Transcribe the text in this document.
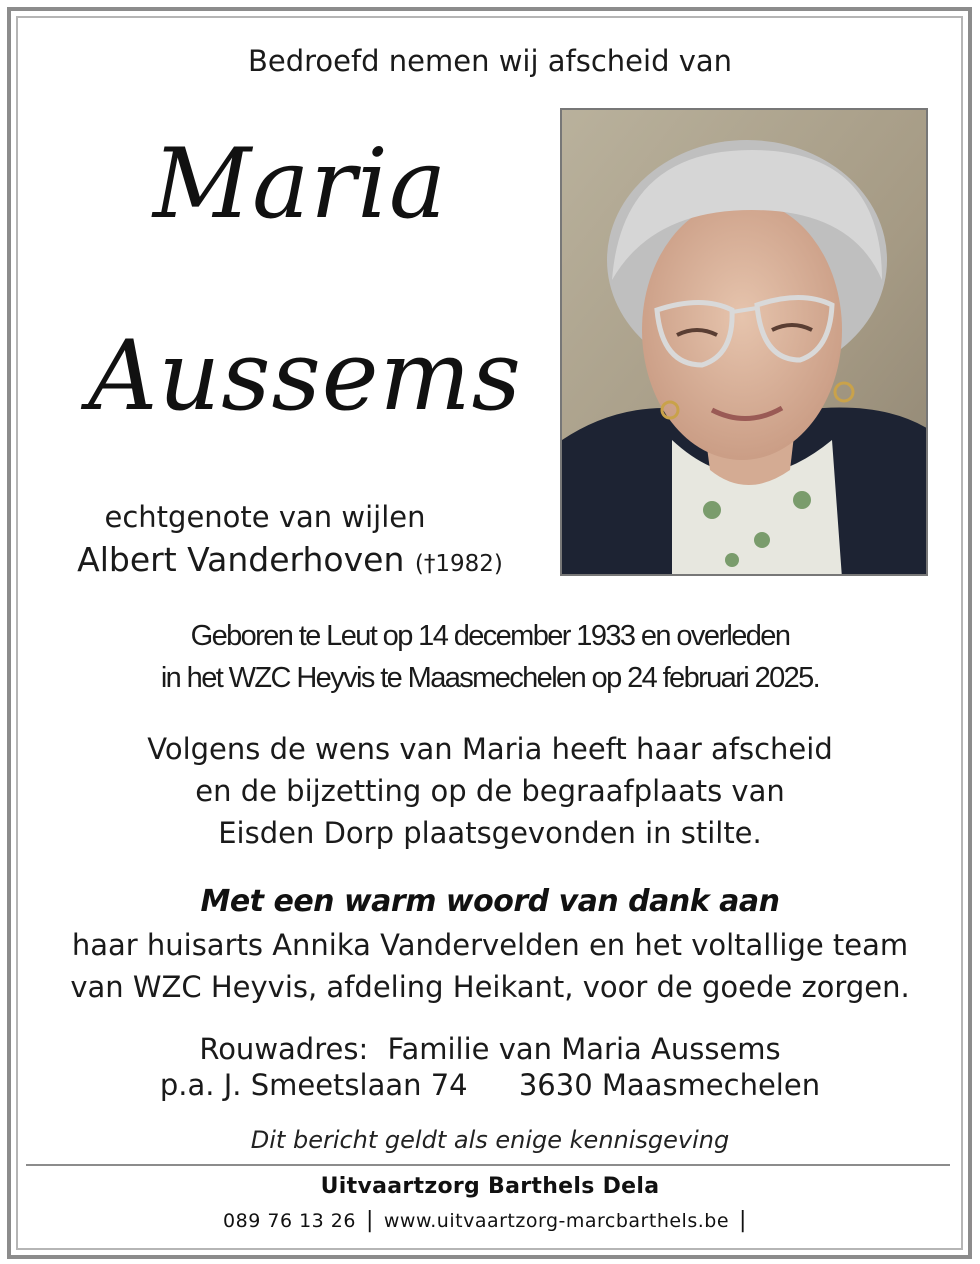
Bedroefd nemen wij afscheid van
Maria
Aussems
echtgenote van wijlen
Albert Vanderhoven (†1982)
Geboren te Leut op 14 december 1933 en overleden
in het WZC Heyvis te Maasmechelen op 24 februari 2025.
Volgens de wens van Maria heeft haar afscheid
en de bijzetting op de begraafplaats van
Eisden Dorp plaatsgevonden in stilte.
Met een warm woord van dank aan
haar huisarts Annika Vandervelden en het voltallige team
van WZC Heyvis, afdeling Heikant, voor de goede zorgen.
Rouwadres: Familie van Maria Aussems
p.a. J. Smeetslaan 74 3630 Maasmechelen
Dit bericht geldt als enige kennisgeving
Uitvaartzorg Barthels Dela
089 76 13 26 | www.uitvaartzorg-marcbarthels.be |
